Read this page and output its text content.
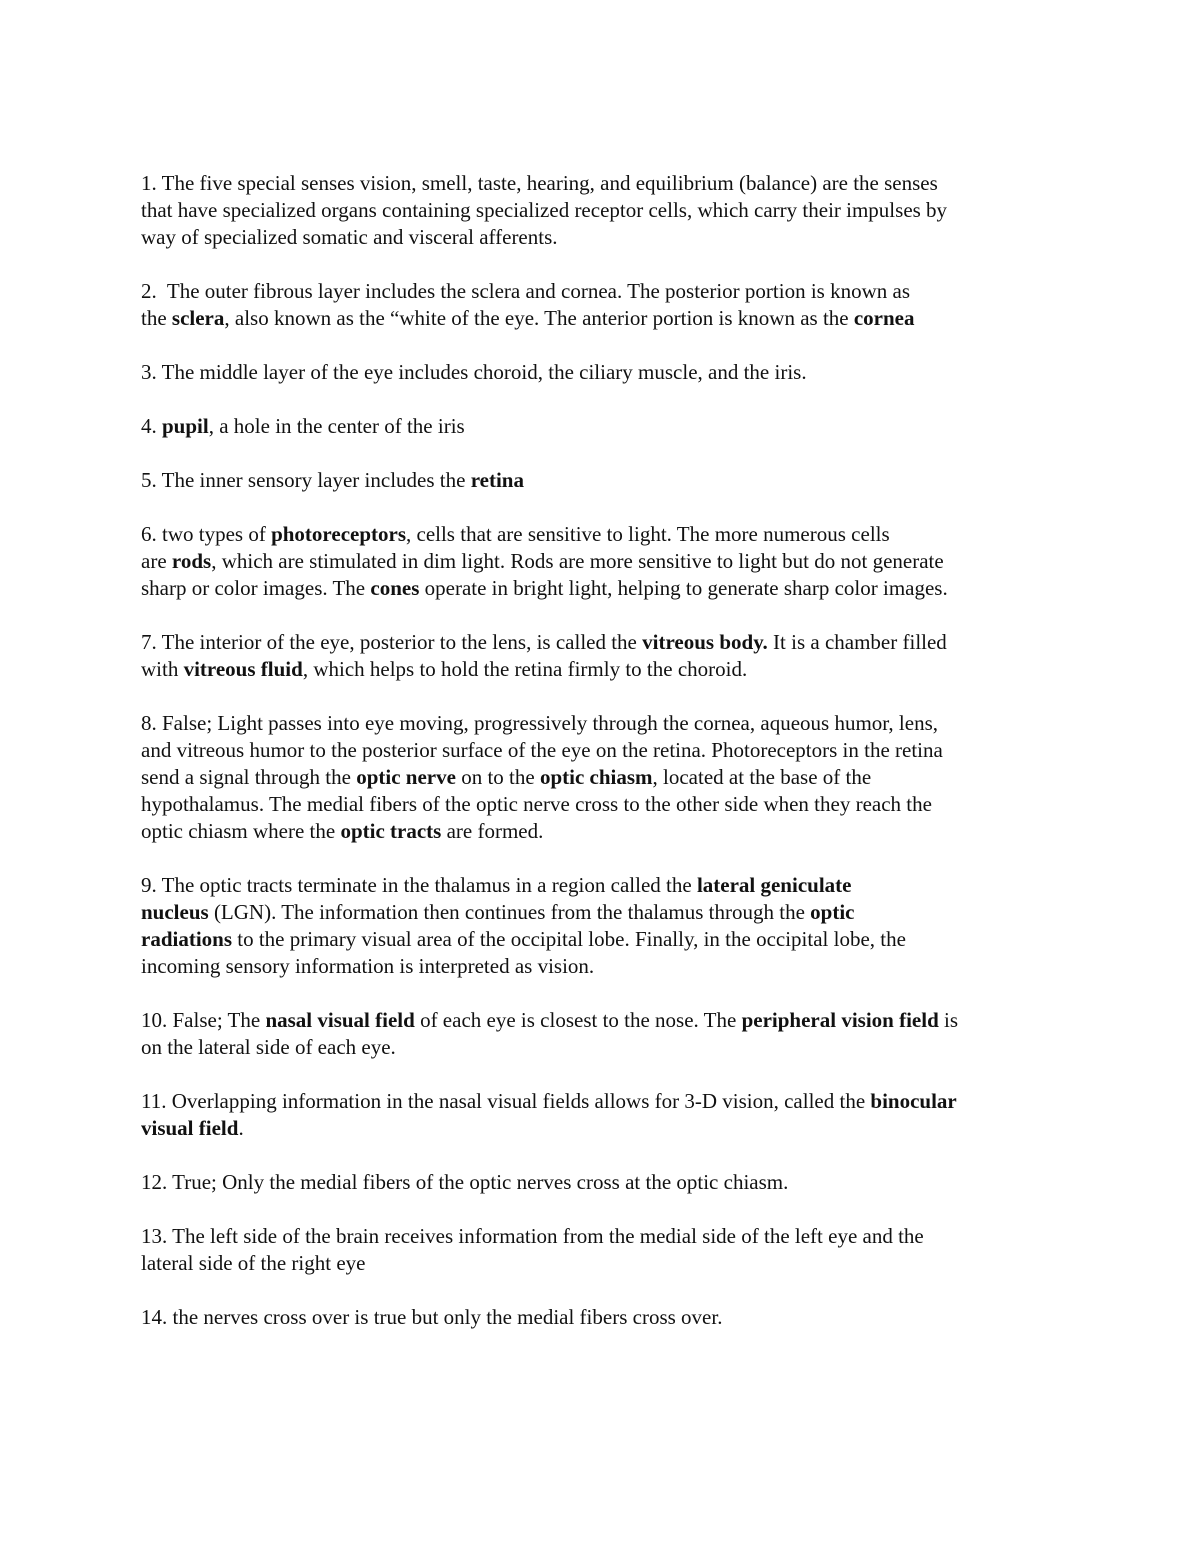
1. The five special senses vision, smell, taste, hearing, and equilibrium (balance) are the senses
that have specialized organs containing specialized receptor cells, which carry their impulses by
way of specialized somatic and visceral afferents.
2.  The outer fibrous layer includes the sclera and cornea. The posterior portion is known as
the sclera, also known as the “white of the eye. The anterior portion is known as the cornea
3. The middle layer of the eye includes choroid, the ciliary muscle, and the iris.
4. pupil, a hole in the center of the iris
5. The inner sensory layer includes the retina
6. two types of photoreceptors, cells that are sensitive to light. The more numerous cells
are rods, which are stimulated in dim light. Rods are more sensitive to light but do not generate
sharp or color images. The cones operate in bright light, helping to generate sharp color images.
7. The interior of the eye, posterior to the lens, is called the vitreous body. It is a chamber filled
with vitreous fluid, which helps to hold the retina firmly to the choroid.
8. False; Light passes into eye moving, progressively through the cornea, aqueous humor, lens,
and vitreous humor to the posterior surface of the eye on the retina. Photoreceptors in the retina
send a signal through the optic nerve on to the optic chiasm, located at the base of the
hypothalamus. The medial fibers of the optic nerve cross to the other side when they reach the
optic chiasm where the optic tracts are formed.
9. The optic tracts terminate in the thalamus in a region called the lateral geniculate
nucleus (LGN). The information then continues from the thalamus through the optic
radiations to the primary visual area of the occipital lobe. Finally, in the occipital lobe, the
incoming sensory information is interpreted as vision.
10. False; The nasal visual field of each eye is closest to the nose. The peripheral vision field is
on the lateral side of each eye.
11. Overlapping information in the nasal visual fields allows for 3-D vision, called the binocular
visual field.
12. True; Only the medial fibers of the optic nerves cross at the optic chiasm.
13. The left side of the brain receives information from the medial side of the left eye and the
lateral side of the right eye
14. the nerves cross over is true but only the medial fibers cross over.
